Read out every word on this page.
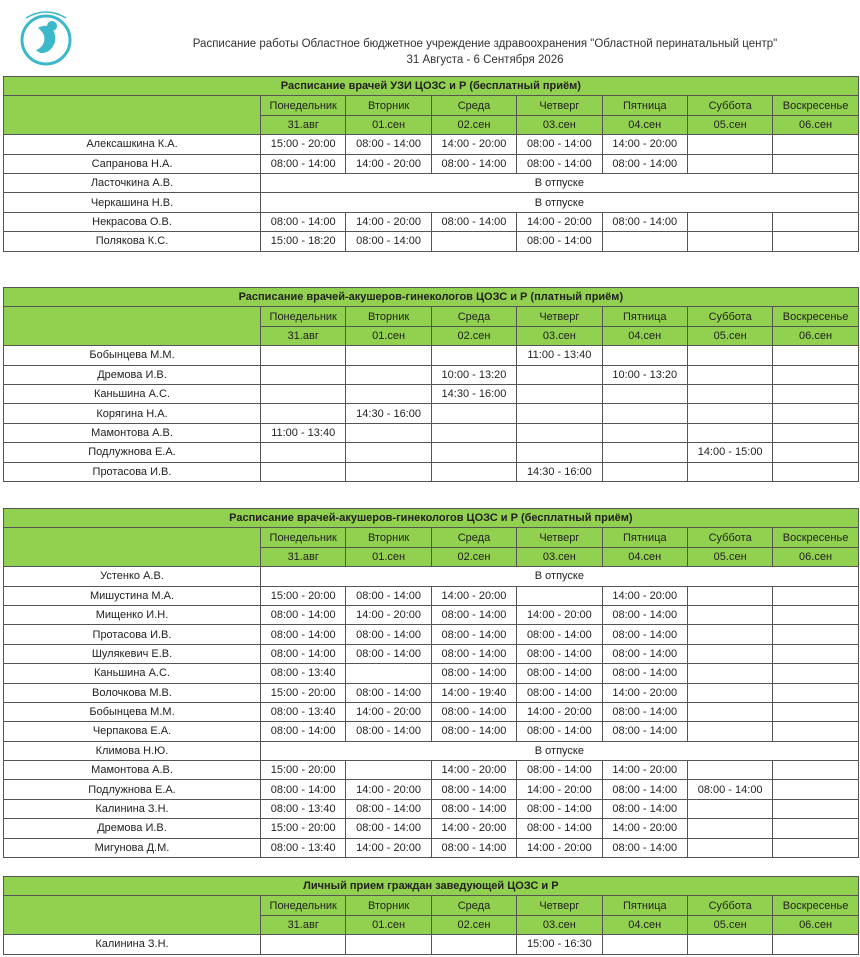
Расписание работы Областное бюджетное учреждение здравоохранения "Областной перинатальный центр"
31 Августа - 6 Сентября 2026
Расписание врачей УЗИ ЦОЗС и Р (бесплатный приём)							
	Понедельник	Вторник	Среда	Четверг	Пятница	Суббота	Воскресенье
	31.авг	01.сен	02.сен	03.сен	04.сен	05.сен	06.сен
Алексашкина К.А.	15:00 - 20:00	08:00 - 14:00	14:00 - 20:00	08:00 - 14:00	14:00 - 20:00		
Сапранова Н.А.	08:00 - 14:00	14:00 - 20:00	08:00 - 14:00	08:00 - 14:00	08:00 - 14:00		
Ласточкина А.В.	В отпуске						
Черкашина Н.В.	В отпуске						
Некрасова О.В.	08:00 - 14:00	14:00 - 20:00	08:00 - 14:00	14:00 - 20:00	08:00 - 14:00		
Полякова К.С.	15:00 - 18:20	08:00 - 14:00		08:00 - 14:00			
Расписание врачей-акушеров-гинекологов ЦОЗС и Р (платный приём)							
	Понедельник	Вторник	Среда	Четверг	Пятница	Суббота	Воскресенье
	31.авг	01.сен	02.сен	03.сен	04.сен	05.сен	06.сен
Бобынцева М.М.				11:00 - 13:40			
Дремова И.В.			10:00 - 13:20		10:00 - 13:20		
Каньшина А.С.			14:30 - 16:00				
Корягина Н.А.		14:30 - 16:00					
Мамонтова А.В.	11:00 - 13:40						
Подлужнова Е.А.						14:00 - 15:00	
Протасова И.В.				14:30 - 16:00			
Расписание врачей-акушеров-гинекологов ЦОЗС и Р (бесплатный приём)							
	Понедельник	Вторник	Среда	Четверг	Пятница	Суббота	Воскресенье
	31.авг	01.сен	02.сен	03.сен	04.сен	05.сен	06.сен
Устенко А.В.	В отпуске						
Мишустина М.А.	15:00 - 20:00	08:00 - 14:00	14:00 - 20:00		14:00 - 20:00		
Мищенко И.Н.	08:00 - 14:00	14:00 - 20:00	08:00 - 14:00	14:00 - 20:00	08:00 - 14:00		
Протасова И.В.	08:00 - 14:00	08:00 - 14:00	08:00 - 14:00	08:00 - 14:00	08:00 - 14:00		
Шулякевич Е.В.	08:00 - 14:00	08:00 - 14:00	08:00 - 14:00	08:00 - 14:00	08:00 - 14:00		
Каньшина А.С.	08:00 - 13:40		08:00 - 14:00	08:00 - 14:00	08:00 - 14:00		
Волочкова М.В.	15:00 - 20:00	08:00 - 14:00	14:00 - 19:40	08:00 - 14:00	14:00 - 20:00		
Бобынцева М.М.	08:00 - 13:40	14:00 - 20:00	08:00 - 14:00	14:00 - 20:00	08:00 - 14:00		
Черпакова Е.А.	08:00 - 14:00	08:00 - 14:00	08:00 - 14:00	08:00 - 14:00	08:00 - 14:00		
Климова Н.Ю.	В отпуске						
Мамонтова А.В.	15:00 - 20:00		14:00 - 20:00	08:00 - 14:00	14:00 - 20:00		
Подлужнова Е.А.	08:00 - 14:00	14:00 - 20:00	08:00 - 14:00	14:00 - 20:00	08:00 - 14:00	08:00 - 14:00	
Калинина З.Н.	08:00 - 13:40	08:00 - 14:00	08:00 - 14:00	08:00 - 14:00	08:00 - 14:00		
Дремова И.В.	15:00 - 20:00	08:00 - 14:00	14:00 - 20:00	08:00 - 14:00	14:00 - 20:00		
Мигунова Д.М.	08:00 - 13:40	14:00 - 20:00	08:00 - 14:00	14:00 - 20:00	08:00 - 14:00		
Личный прием граждан заведующей ЦОЗС и Р							
	Понедельник	Вторник	Среда	Четверг	Пятница	Суббота	Воскресенье
	31.авг	01.сен	02.сен	03.сен	04.сен	05.сен	06.сен
Калинина З.Н.				15:00 - 16:30			
